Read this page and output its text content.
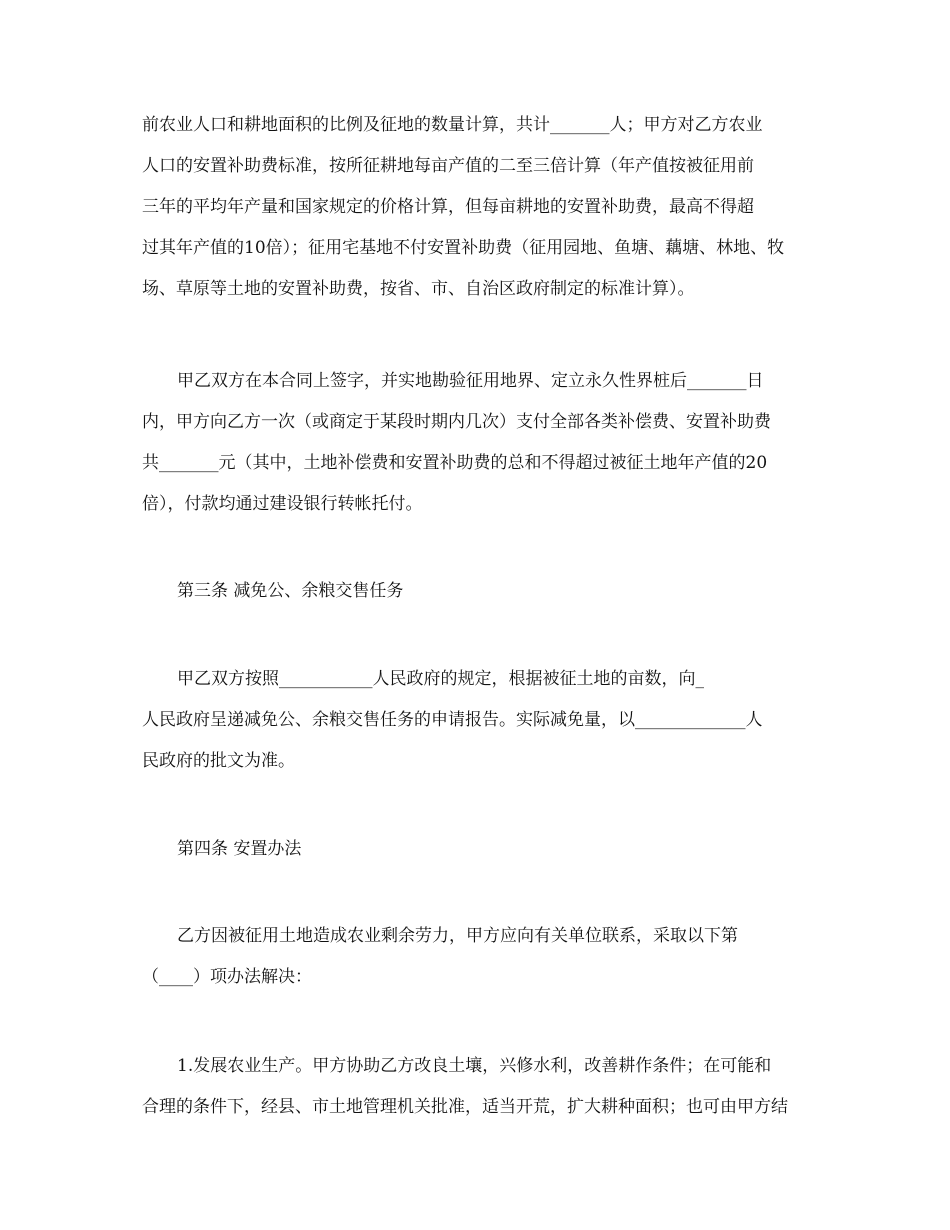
前农业人口和耕地面积的比例及征地的数量计算，共计_______人；甲方对乙方农业
人口的安置补助费标准，按所征耕地每亩产值的二至三倍计算（年产值按被征用前
三年的平均年产量和国家规定的价格计算，但每亩耕地的安置补助费，最高不得超
过其年产值的10倍）；征用宅基地不付安置补助费（征用园地、鱼塘、藕塘、林地、牧
场、草原等土地的安置补助费，按省、市、自治区政府制定的标准计算）。
甲乙双方在本合同上签字，并实地勘验征用地界、定立永久性界桩后_______日
内，甲方向乙方一次（或商定于某段时期内几次）支付全部各类补偿费、安置补助费
共_______元（其中，土地补偿费和安置补助费的总和不得超过被征土地年产值的20
倍），付款均通过建设银行转帐托付。
第三条 减免公、余粮交售任务
甲乙双方按照___________人民政府的规定，根据被征土地的亩数，向_
人民政府呈递减免公、余粮交售任务的申请报告。实际减免量，以_____________人
民政府的批文为准。
第四条 安置办法
乙方因被征用土地造成农业剩余劳力，甲方应向有关单位联系，采取以下第
（____）项办法解决：
1.发展农业生产。甲方协助乙方改良土壤，兴修水利，改善耕作条件；在可能和
合理的条件下，经县、市土地管理机关批准，适当开荒，扩大耕种面积；也可由甲方结
